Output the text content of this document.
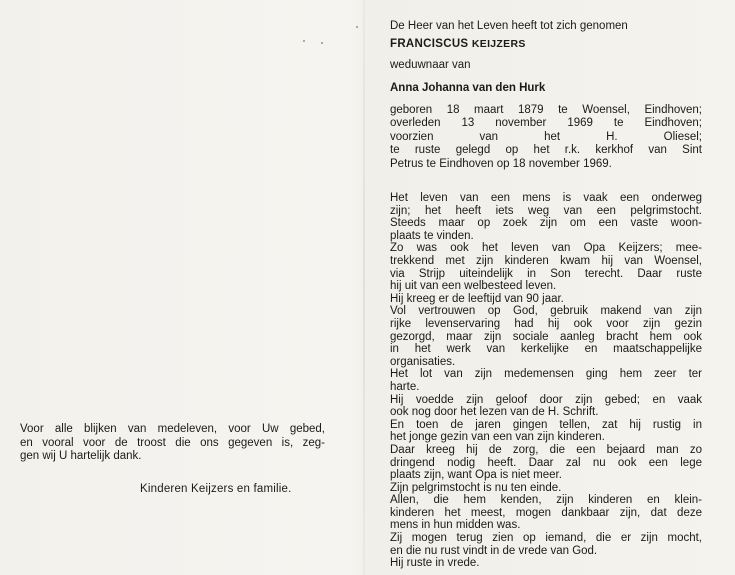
De Heer van het Leven heeft tot zich genomen

FRANCISCUS KEIJZERS

weduwnaar van

Anna Johanna van den Hurk

geboren 18 maart 1879 te Woensel, Eindhoven;
overleden 13 november 1969 te Eindhoven;
voorzien van het H. Oliesel;
te ruste gelegd op het r.k. kerkhof van Sint
Petrus te Eindhoven op 18 november 1969.
Het leven van een mens is vaak een onderweg
zijn; het heeft iets weg van een pelgrimstocht.
Steeds maar op zoek zijn om een vaste woon-
plaats te vinden.
Zo was ook het leven van Opa Keijzers; mee-
trekkend met zijn kinderen kwam hij van Woensel,
via Strijp uiteindelijk in Son terecht. Daar ruste
hij uit van een welbesteed leven.
Hij kreeg er de leeftijd van 90 jaar.
Vol vertrouwen op God, gebruik makend van zijn
rijke levenservaring had hij ook voor zijn gezin
gezorgd, maar zijn sociale aanleg bracht hem ook
in het werk van kerkelijke en maatschappelijke
organisaties.
Het lot van zijn medemensen ging hem zeer ter
harte.
Hij voedde zijn geloof door zijn gebed; en vaak
ook nog door het lezen van de H. Schrift.
En toen de jaren gingen tellen, zat hij rustig in
het jonge gezin van een van zijn kinderen.
Daar kreeg hij de zorg, die een bejaard man zo
dringend nodig heeft. Daar zal nu ook een lege
plaats zijn, want Opa is niet meer.
Zijn pelgrimstocht is nu ten einde.
Allen, die hem kenden, zijn kinderen en klein-
kinderen het meest, mogen dankbaar zijn, dat deze
mens in hun midden was.
Zij mogen terug zien op iemand, die er zijn mocht,
en die nu rust vindt in de vrede van God.
Hij ruste in vrede.
Voor alle blijken van medeleven, voor Uw gebed,
en vooral voor de troost die ons gegeven is, zeg-
gen wij U hartelijk dank.
Kinderen Keijzers en familie.
